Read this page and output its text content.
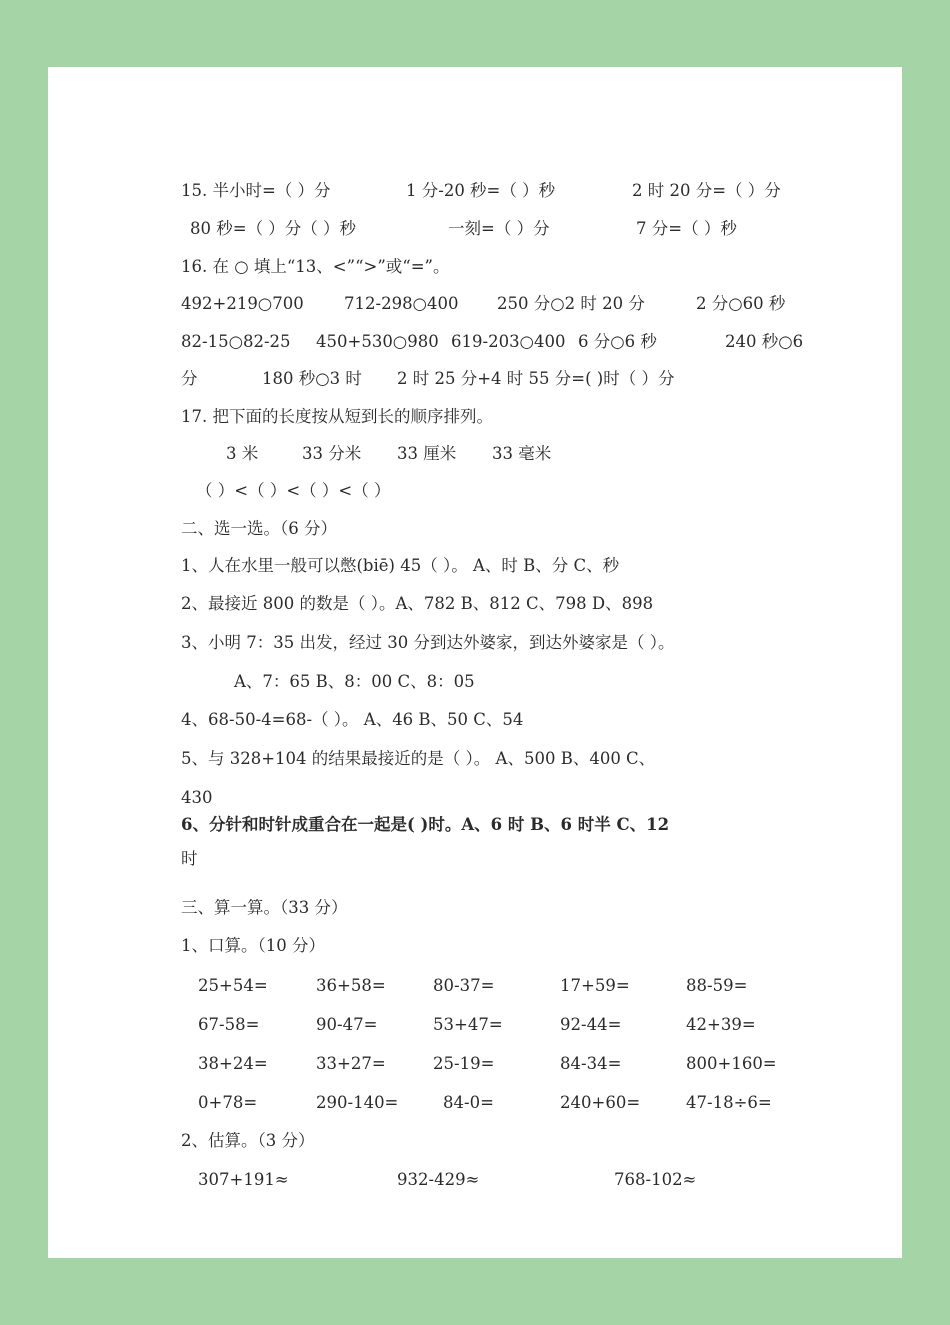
15. 半小时=（ ）分	1 分-20 秒=（ ）秒	2 时 20 分=（ ）分
80 秒=（ ）分（ ）秒	一刻=（ ）分	7 分=（ ）秒
16. 在 ○ 填上“13、<”“>”或“=”。
492+219○700 712-298○400 250 分○2 时 20 分	2 分○60 秒
82-15○82-25 450+530○980 619-203○400 6 分○6 秒	240 秒○6
分	180 秒○3 时 2 时 25 分+4 时 55 分=( )时（ ）分
17. 把下面的长度按从短到长的顺序排列。
3 米	33 分米 33 厘米 33 毫米
（ ）<（ ）<（ ）<（ ）
二、选一选。（6 分）
1、人在水里一般可以憋(biē) 45（ ）。 A、时 B、分 C、秒
2、最接近 800 的数是（ ）。A、782 B、812 C、798 D、898
3、小明 7：35 出发，经过 30 分到达外婆家，到达外婆家是（ ）。
A、7：65 B、8：00 C、8：05
4、68-50-4=68-（ ）。 A、46 B、50 C、54
5、与 328+104 的结果最接近的是（ ）。 A、500 B、400 C、
430
6、分针和时针成重合在一起是( )时。A、6 时 B、6 时半 C、12
时
三、算一算。（33 分）
1、口算。（10 分）
25+54=	36+58=	80-37=	17+59=	88-59=
67-58=	90-47=	53+47=	92-44=	42+39=
38+24=	33+27=	25-19=	84-34=	800+160=
0+78=	290-140=	84-0=	240+60=	47-18÷6=
2、估算。（3 分）
307+191≈	932-429≈	768-102≈
